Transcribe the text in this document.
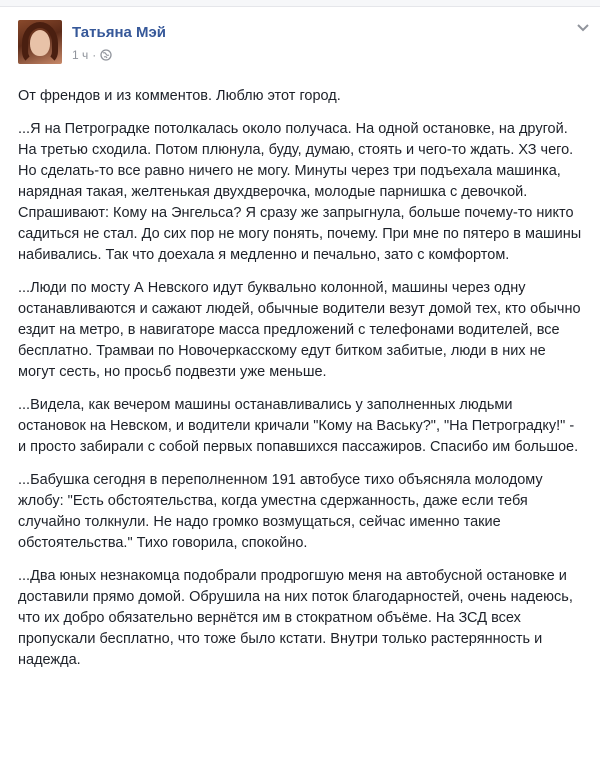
Татьяна Мэй
1 ч ·

От френдов и из комментов. Люблю этот город.

...Я на Петроградке потолкалась около получаса. На одной остановке, на другой. На третью сходила. Потом плюнула, буду, думаю, стоять и чего-то ждать. ХЗ чего. Но сделать-то все равно ничего не могу. Минуты через три подъехала машинка, нарядная такая, желтенькая двухдверочка, молодые парнишка с девочкой. Спрашивают: Кому на Энгельса? Я сразу же запрыгнула, больше почему-то никто садиться не стал. До сих пор не могу понять, почему. При мне по пятеро в машины набивались. Так что доехала я медленно и печально, зато с комфортом.

...Люди по мосту А Невского идут буквально колонной, машины через одну останавливаются и сажают людей, обычные водители везут домой тех, кто обычно ездит на метро, в навигаторе масса предложений с телефонами водителей, все бесплатно. Трамваи по Новочеркасскому едут битком забитые, люди в них не могут сесть, но просьб подвезти уже меньше.

...Видела, как вечером машины останавливались у заполненных людьми остановок на Невском, и водители кричали "Кому на Ваську?", "На Петроградку!" - и просто забирали с собой первых попавшихся пассажиров. Спасибо им большое.

...Бабушка сегодня в переполненном 191 автобусе тихо объясняла молодому жлобу: "Есть обстоятельства, когда уместна сдержанность, даже если тебя случайно толкнули. Не надо громко возмущаться, сейчас именно такие обстоятельства." Тихо говорила, спокойно.

...Два юных незнакомца подобрали продрогшую меня на автобусной остановке и доставили прямо домой. Обрушила на них поток благодарностей, очень надеюсь, что их добро обязательно вернётся им в стократном объёме. На ЗСД всех пропускали бесплатно, что тоже было кстати. Внутри только растерянность и надежда.
